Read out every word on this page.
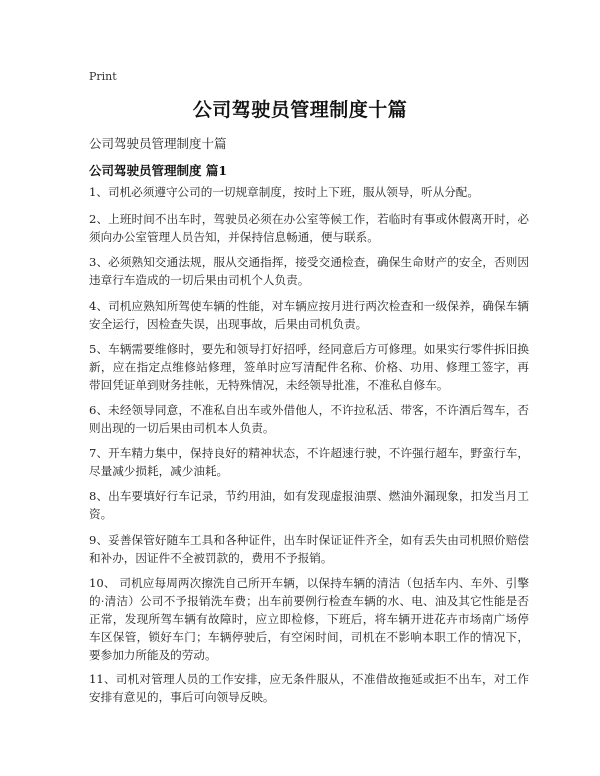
Print
公司驾驶员管理制度十篇
公司驾驶员管理制度十篇
公司驾驶员管理制度 篇1
1、司机必须遵守公司的一切规章制度，按时上下班，服从领导，听从分配。
2、上班时间不出车时，驾驶员必须在办公室等候工作，若临时有事或休假离开时，必须向办公室管理人员告知，并保持信息畅通，便与联系。
3、必须熟知交通法规，服从交通指挥，接受交通检查，确保生命财产的安全，否则因违章行车造成的一切后果由司机个人负责。
4、司机应熟知所驾使车辆的性能，对车辆应按月进行两次检查和一级保养，确保车辆安全运行，因检查失误，出现事故，后果由司机负责。
5、车辆需要维修时，要先和领导打好招呼，经同意后方可修理。如果实行零件拆旧换新，应在指定点维修站修理，签单时应写清配件名称、价格、功用、修理工签字，再带回凭证单到财务挂帐，无特殊情况，未经领导批准，不准私自修车。
6、未经领导同意，不准私自出车或外借他人，不许拉私活、带客，不许酒后驾车，否则出现的一切后果由司机本人负责。
7、开车精力集中，保持良好的精神状态，不许超速行驶，不许强行超车，野蛮行车，尽量减少损耗，减少油耗。
8、出车要填好行车记录，节约用油，如有发现虚报油票、燃油外漏现象，扣发当月工资。
9、妥善保管好随车工具和各种证件，出车时保证证件齐全，如有丢失由司机照价赔偿和补办，因证件不全被罚款的，费用不予报销。
10、 司机应每周两次擦洗自己所开车辆，以保持车辆的清洁（包括车内、车外、引擎的·清洁）公司不予报销洗车费；出车前要例行检查车辆的水、电、油及其它性能是否正常，发现所驾车辆有故障时，应立即检修，下班后，将车辆开进花卉市场南广场停车区保管，锁好车门；车辆停驶后，有空闲时间，司机在不影响本职工作的情况下，要参加力所能及的劳动。
11、司机对管理人员的工作安排，应无条件服从，不准借故拖延或拒不出车，对工作安排有意见的，事后可向领导反映。
